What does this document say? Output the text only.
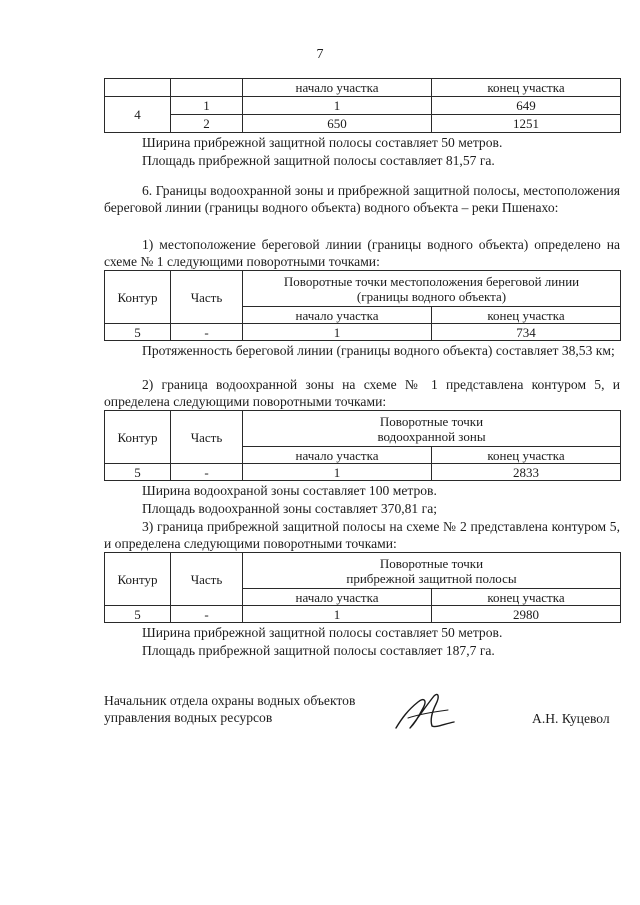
7
		начало участка	конец участка
4	1	1	649
	2	650	1251
Ширина прибрежной защитной полосы составляет 50 метров.
Площадь прибрежной защитной полосы составляет 81,57 га.

6. Границы водоохранной зоны и прибрежной защитной полосы, местоположения береговой линии (границы водного объекта) водного объекта – реки Пшенахо:

1) местоположение береговой линии (границы водного объекта) определено на схеме № 1 следующими поворотными точками:

Контур	Часть	Поворотные точки местоположения береговой линии (границы водного объекта)	
		начало участка	конец участка
5	-	1	734

Протяженность береговой линии (границы водного объекта) составляет 38,53 км;

2) граница водоохранной зоны на схеме № 1 представлена контуром 5, и определена следующими поворотными точками:

Контур	Часть	Поворотные точки
водоохранной зоны	

		начало участка	конец участка
5	-	1	2833
Ширина водоохраной зоны составляет 100 метров.
Площадь водоохранной зоны составляет 370,81 га;

3) граница прибрежной защитной полосы на схеме № 2 представлена контуром 5, и определена следующими поворотными точками:

Контур	Часть	Поворотные точки
прибрежной защитной полосы	

		начало участка	конец участка
5	-	1	2980
Ширина прибрежной защитной полосы составляет 50 метров.
Площадь прибрежной защитной полосы составляет 187,7 га.
Начальник отдела охраны водных объектов
управления водных ресурсов	А.Н. Куцевол
